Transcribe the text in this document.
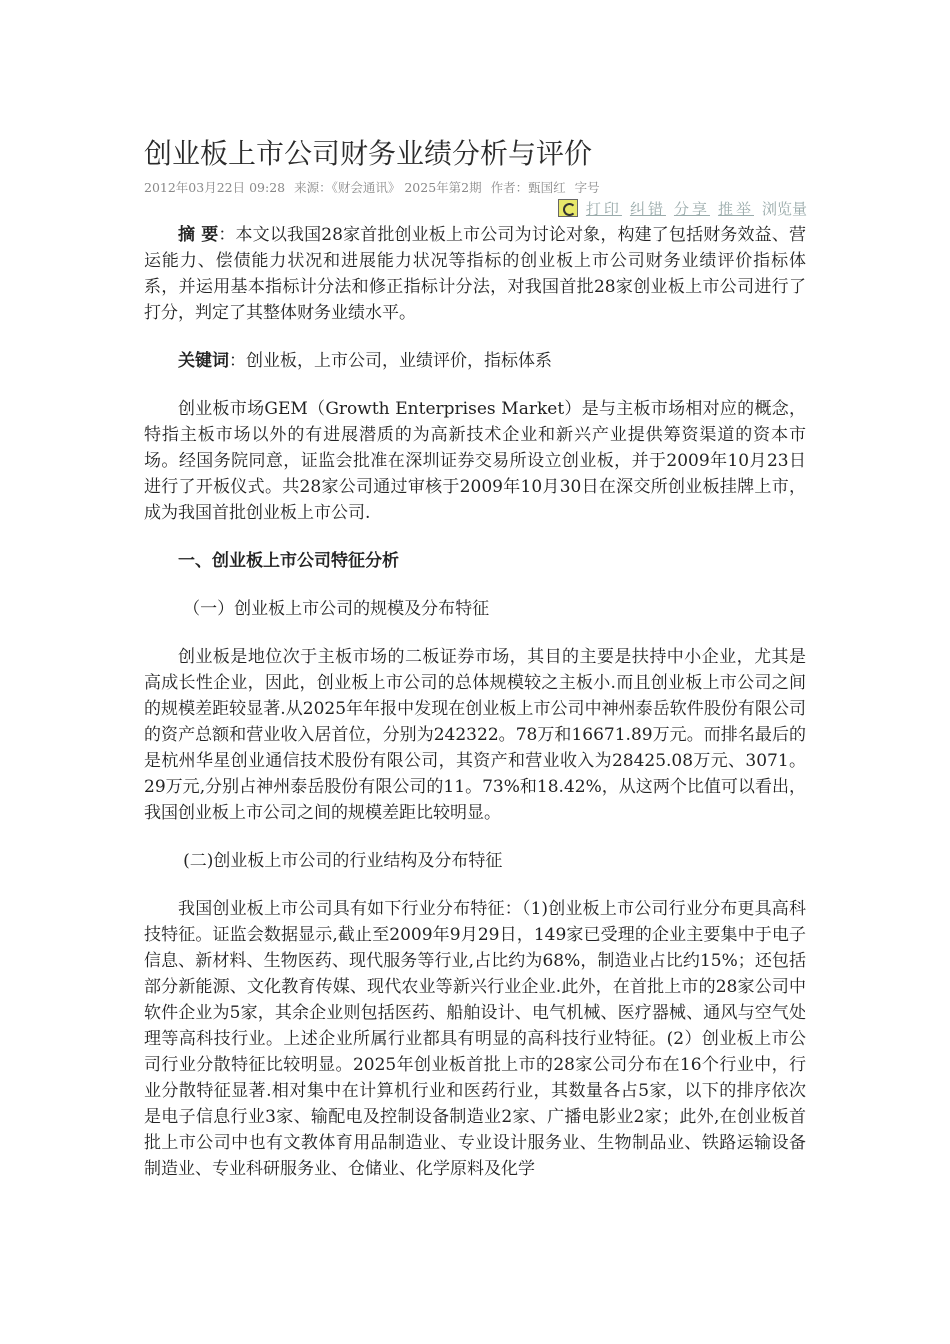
创业板上市公司财务业绩分析与评价
2012年03月22日 09:28 来源：《财会通讯》 2025年第2期 作者：甄国红 字号
打印 纠错 分享 推举 浏览量

摘 要：本文以我国28家首批创业板上市公司为讨论对象，构建了包括财务效益、营运能力、偿债能力状况和进展能力状况等指标的创业板上市公司财务业绩评价指标体系，并运用基本指标计分法和修正指标计分法，对我国首批28家创业板上市公司进行了打分，判定了其整体财务业绩水平。

关键词：创业板，上市公司，业绩评价，指标体系

创业板市场GEM（Growth Enterprises Market）是与主板市场相对应的概念，特指主板市场以外的有进展潜质的为高新技术企业和新兴产业提供筹资渠道的资本市场。经国务院同意，证监会批准在深圳证券交易所设立创业板，并于2009年10月23日进行了开板仪式。共28家公司通过审核于2009年10月30日在深交所创业板挂牌上市，成为我国首批创业板上市公司.

一、创业板上市公司特征分析

（一）创业板上市公司的规模及分布特征

创业板是地位次于主板市场的二板证券市场，其目的主要是扶持中小企业，尤其是高成长性企业，因此，创业板上市公司的总体规模较之主板小.而且创业板上市公司之间的规模差距较显著.从2025年年报中发现在创业板上市公司中神州泰岳软件股份有限公司的资产总额和营业收入居首位，分别为242322。78万和16671.89万元。而排名最后的是杭州华星创业通信技术股份有限公司，其资产和营业收入为28425.08万元、3071。29万元,分别占神州泰岳股份有限公司的11。73%和18.42%，从这两个比值可以看出，我国创业板上市公司之间的规模差距比较明显。

(二)创业板上市公司的行业结构及分布特征

我国创业板上市公司具有如下行业分布特征：（1)创业板上市公司行业分布更具高科技特征。证监会数据显示,截止至2009年9月29日，149家已受理的企业主要集中于电子信息、新材料、生物医药、现代服务等行业,占比约为68%，制造业占比约15%；还包括部分新能源、文化教育传媒、现代农业等新兴行业企业.此外，在首批上市的28家公司中软件企业为5家，其余企业则包括医药、船舶设计、电气机械、医疗器械、通风与空气处理等高科技行业。上述企业所属行业都具有明显的高科技行业特征。(2）创业板上市公司行业分散特征比较明显。2025年创业板首批上市的28家公司分布在16个行业中，行业分散特征显著.相对集中在计算机行业和医药行业，其数量各占5家，以下的排序依次是电子信息行业3家、输配电及控制设备制造业2家、广播电影业2家；此外,在创业板首批上市公司中也有文教体育用品制造业、专业设计服务业、生物制品业、铁路运输设备制造业、专业科研服务业、仓储业、化学原料及化学
